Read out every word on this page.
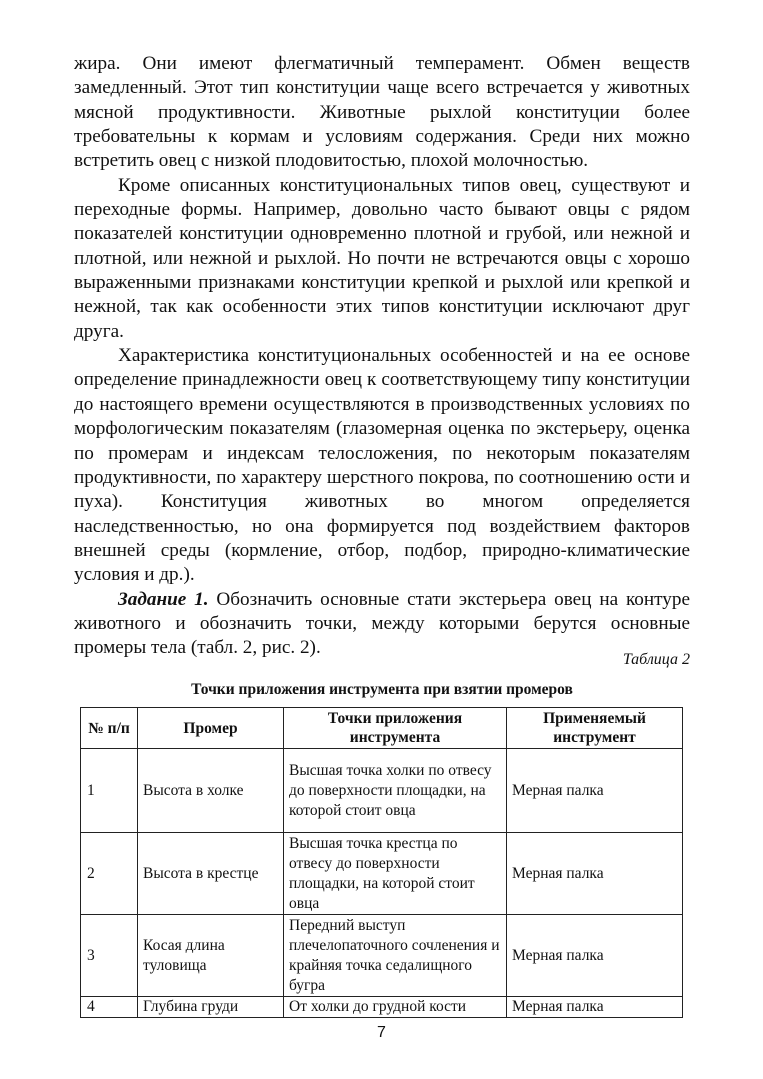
жира. Они имеют флегматичный темперамент. Обмен веществ замедленный. Этот тип конституции чаще всего встречается у животных мясной продуктивности. Животные рыхлой конституции более требовательны к кормам и условиям содержания. Среди них можно встретить овец с низкой плодовитостью, плохой молочностью.

Кроме описанных конституциональных типов овец, существуют и переходные формы. Например, довольно часто бывают овцы с рядом показателей конституции одновременно плотной и грубой, или нежной и плотной, или нежной и рыхлой. Но почти не встречаются овцы с хорошо выраженными признаками конституции крепкой и рыхлой или крепкой и нежной, так как особенности этих типов конституции исключают друг друга.

Характеристика конституциональных особенностей и на ее основе определение принадлежности овец к соответствующему типу конституции до настоящего времени осуществляются в производственных условиях по морфологическим показателям (глазомерная оценка по экстерьеру, оценка по промерам и индексам телосложения, по некоторым показателям продуктивности, по характеру шерстного покрова, по соотношению ости и пуха). Конституция животных во многом определяется наследственностью, но она формируется под воздействием факторов внешней среды (кормление, отбор, подбор, природно-климатические условия и др.).

Задание 1. Обозначить основные стати экстерьера овец на контуре животного и обозначить точки, между которыми берутся основные промеры тела (табл. 2, рис. 2).

Таблица 2
Точки приложения инструмента при взятии промеров
№ п/п	Промер	Точки приложения инструмента	Применяемый инструмент
1	Высота в холке	Высшая точка холки по отвесу до поверхности площадки, на которой стоит овца	Мерная палка
2	Высота в крестце	Высшая точка крестца по отвесу до поверхности площадки, на которой стоит овца	Мерная палка
3	Косая длина туловища	Передний выступ плечелопаточного сочленения и крайняя точка седалищного бугра	Мерная палка
4	Глубина груди	От холки до грудной кости	Мерная палка
7
